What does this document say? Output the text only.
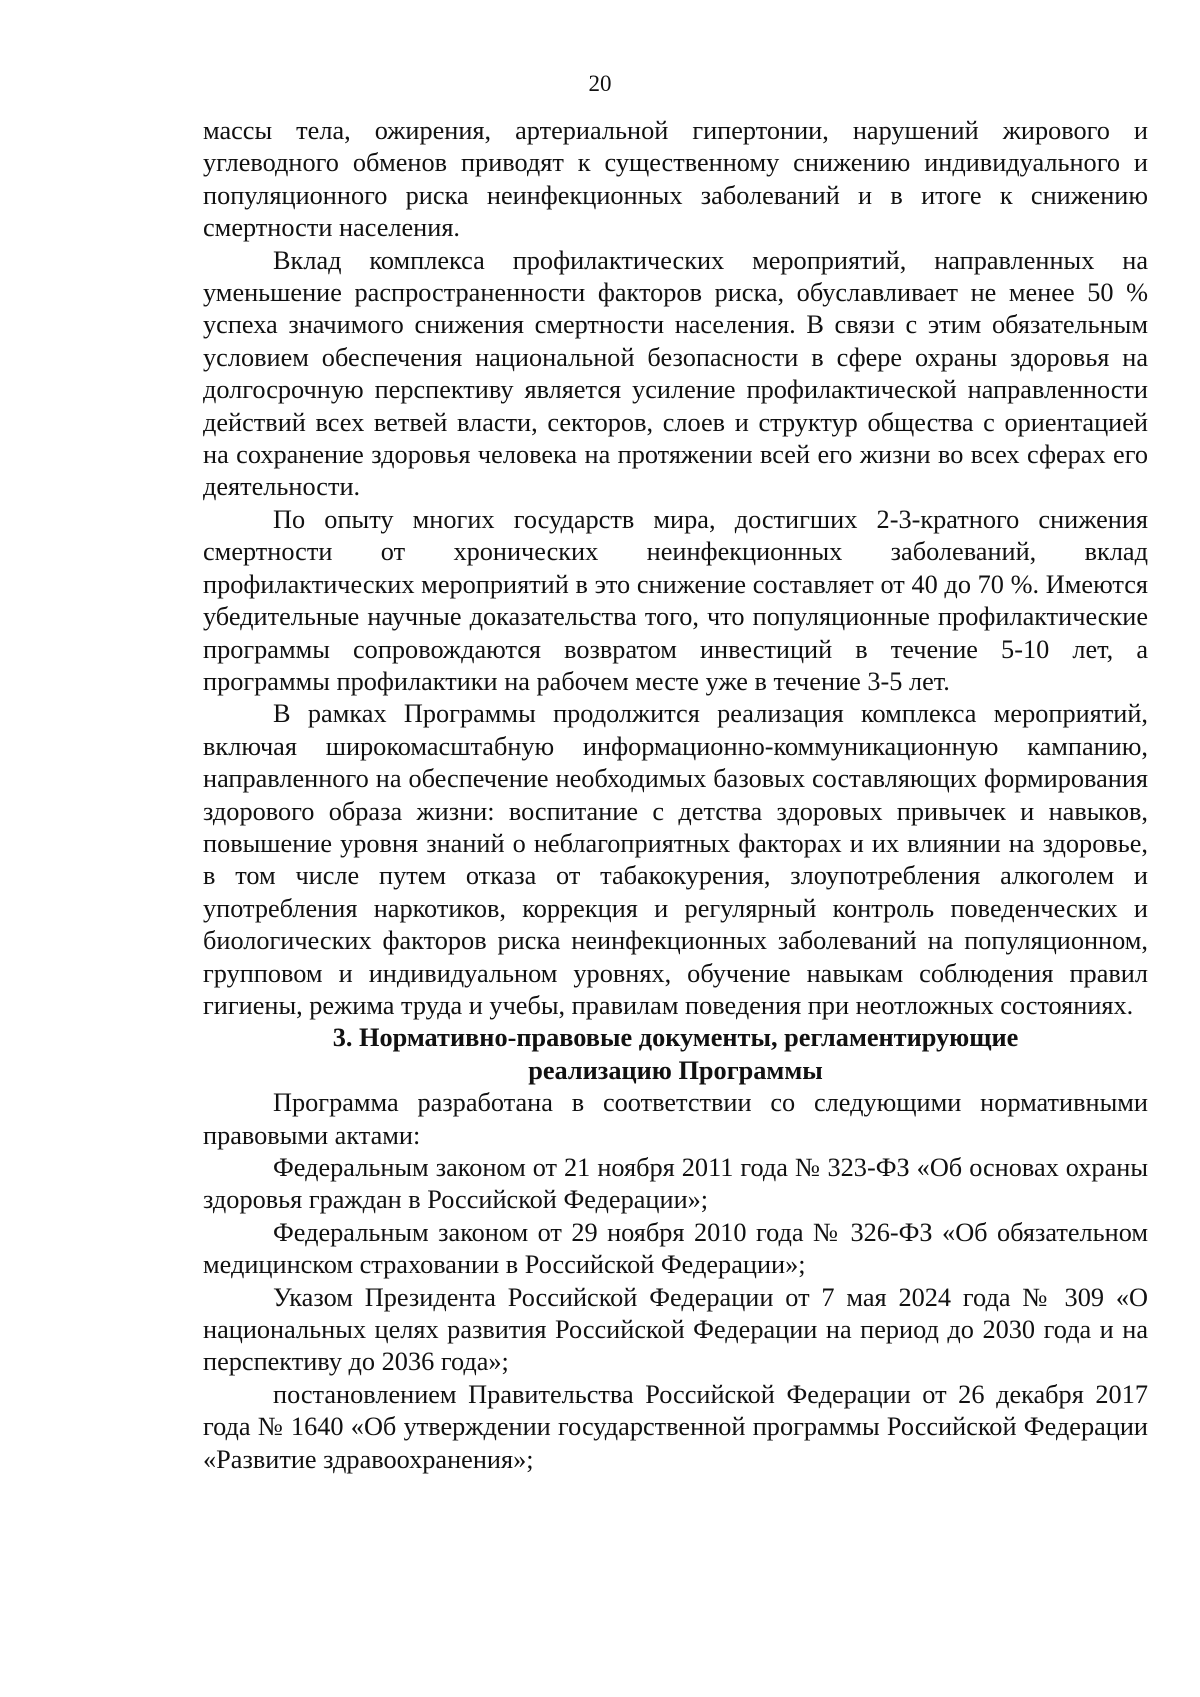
20

массы тела, ожирения, артериальной гипертонии, нарушений жирового и углеводного обменов приводят к существенному снижению индивидуального и популяционного риска неинфекционных заболеваний и в итоге к снижению смертности населения.

Вклад комплекса профилактических мероприятий, направленных на уменьшение распространенности факторов риска, обуславливает не менее 50 % успеха значимого снижения смертности населения. В связи с этим обязательным условием обеспечения национальной безопасности в сфере охраны здоровья на долгосрочную перспективу является усиление профилактической направленности действий всех ветвей власти, секторов, слоев и структур общества с ориентацией на сохранение здоровья человека на протяжении всей его жизни во всех сферах его деятельности.

По опыту многих государств мира, достигших 2-3-кратного снижения смертности от хронических неинфекционных заболеваний, вклад профилактических мероприятий в это снижение составляет от 40 до 70 %. Имеются убедительные научные доказательства того, что популяционные профилактические программы сопровождаются возвратом инвестиций в течение 5-10 лет, а программы профилактики на рабочем месте уже в течение 3-5 лет.

В рамках Программы продолжится реализация комплекса мероприятий, включая широкомасштабную информационно-коммуникационную кампанию, направленного на обеспечение необходимых базовых составляющих формирования здорового образа жизни: воспитание с детства здоровых привычек и навыков, повышение уровня знаний о неблагоприятных факторах и их влиянии на здоровье, в том числе путем отказа от табакокурения, злоупотребления алкоголем и употребления наркотиков, коррекция и регулярный контроль поведенческих и биологических факторов риска неинфекционных заболеваний на популяционном, групповом и индивидуальном уровнях, обучение навыкам соблюдения правил гигиены, режима труда и учебы, правилам поведения при неотложных состояниях.

3. Нормативно-правовые документы, регламентирующие
реализацию Программы

Программа разработана в соответствии со следующими нормативными правовыми актами:

Федеральным законом от 21 ноября 2011 года № 323-ФЗ «Об основах охраны здоровья граждан в Российской Федерации»;

Федеральным законом от 29 ноября 2010 года № 326-ФЗ «Об обязательном медицинском страховании в Российской Федерации»;

Указом Президента Российской Федерации от 7 мая 2024 года № 309 «О национальных целях развития Российской Федерации на период до 2030 года и на перспективу до 2036 года»;

постановлением Правительства Российской Федерации от 26 декабря 2017 года № 1640 «Об утверждении государственной программы Российской Федерации «Развитие здравоохранения»;
